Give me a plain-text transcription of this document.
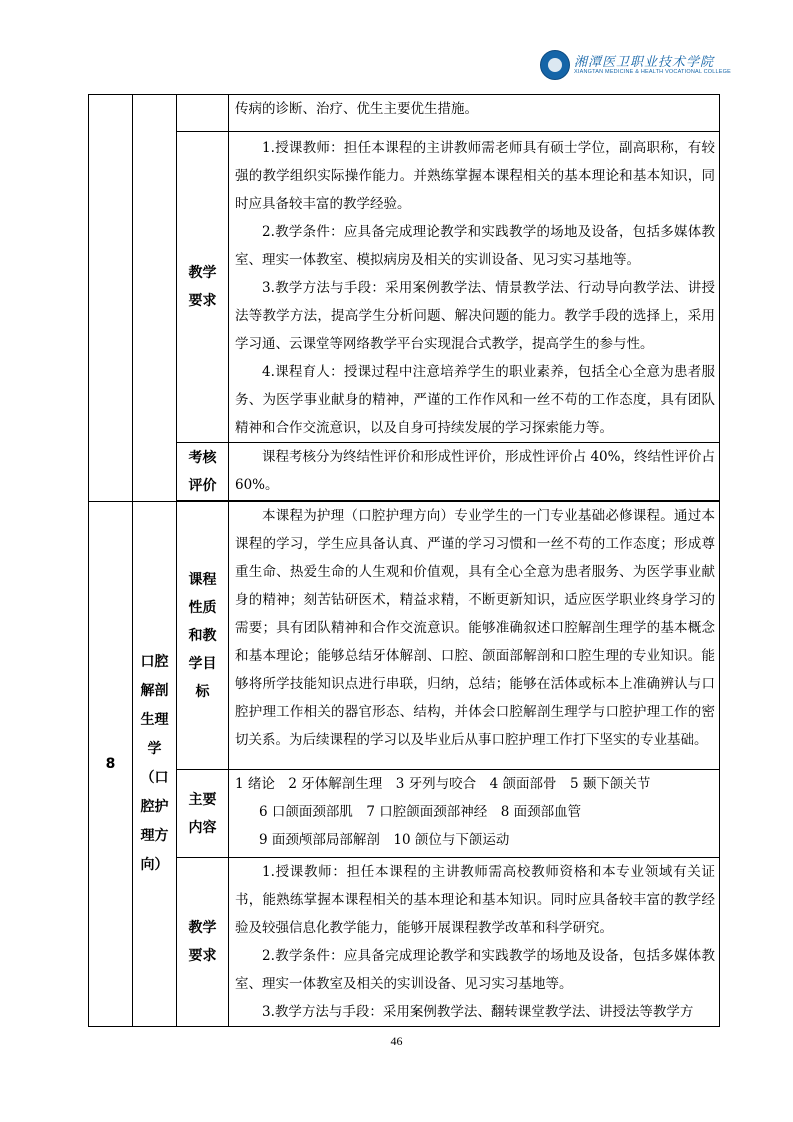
湘潭医卫职业技术学院
XIANGTAN MEDICINE & HEALTH VOCATIONAL COLLEGE

			传病的诊断、治疗、优生主要优生措施。

		教学要求	1.授课教师：担任本课程的主讲教师需老师具有硕士学位，副高职称，有较强的教学组织实际操作能力。并熟练掌握本课程相关的基本理论和基本知识，同时应具备较丰富的教学经验。

2.教学条件：应具备完成理论教学和实践教学的场地及设备，包括多媒体教室、理实一体教室、模拟病房及相关的实训设备、见习实习基地等。

3.教学方法与手段：采用案例教学法、情景教学法、行动导向教学法、讲授法等教学方法，提高学生分析问题、解决问题的能力。教学手段的选择上，采用学习通、云课堂等网络教学平台实现混合式教学，提高学生的参与性。

4.课程育人：授课过程中注意培养学生的职业素养，包括全心全意为患者服务、为医学事业献身的精神，严谨的工作作风和一丝不苟的工作态度，具有团队精神和合作交流意识，以及自身可持续发展的学习探索能力等。

		考核评价	课程考核分为终结性评价和形成性评价，形成性评价占 40%，终结性评价占 60%。

8	口腔解剖生理学（口腔护理方向）	课程性质和教学目标	本课程为护理（口腔护理方向）专业学生的一门专业基础必修课程。通过本课程的学习，学生应具备认真、严谨的学习习惯和一丝不苟的工作态度；形成尊重生命、热爱生命的人生观和价值观，具有全心全意为患者服务、为医学事业献身的精神；刻苦钻研医术，精益求精，不断更新知识，适应医学职业终身学习的需要；具有团队精神和合作交流意识。能够准确叙述口腔解剖生理学的基本概念和基本理论；能够总结牙体解剖、口腔、颌面部解剖和口腔生理的专业知识。能够将所学技能知识点进行串联，归纳，总结；能够在活体或标本上准确辨认与口腔护理工作相关的器官形态、结构，并体会口腔解剖生理学与口腔护理工作的密切关系。为后续课程的学习以及毕业后从事口腔护理工作打下坚实的专业基础。

		主要内容	1 绪论　2 牙体解剖生理　3 牙列与咬合　4 颌面部骨　5 颞下颌关节

6 口颌面颈部肌　7 口腔颌面颈部神经　8 面颈部血管

9 面颈颅部局部解剖　10 颌位与下颌运动

		教学要求	1.授课教师：担任本课程的主讲教师需高校教师资格和本专业领域有关证书，能熟练掌握本课程相关的基本理论和基本知识。同时应具备较丰富的教学经验及较强信息化教学能力，能够开展课程教学改革和科学研究。

2.教学条件：应具备完成理论教学和实践教学的场地及设备，包括多媒体教室、理实一体教室及相关的实训设备、见习实习基地等。

3.教学方法与手段：采用案例教学法、翻转课堂教学法、讲授法等教学方

46
